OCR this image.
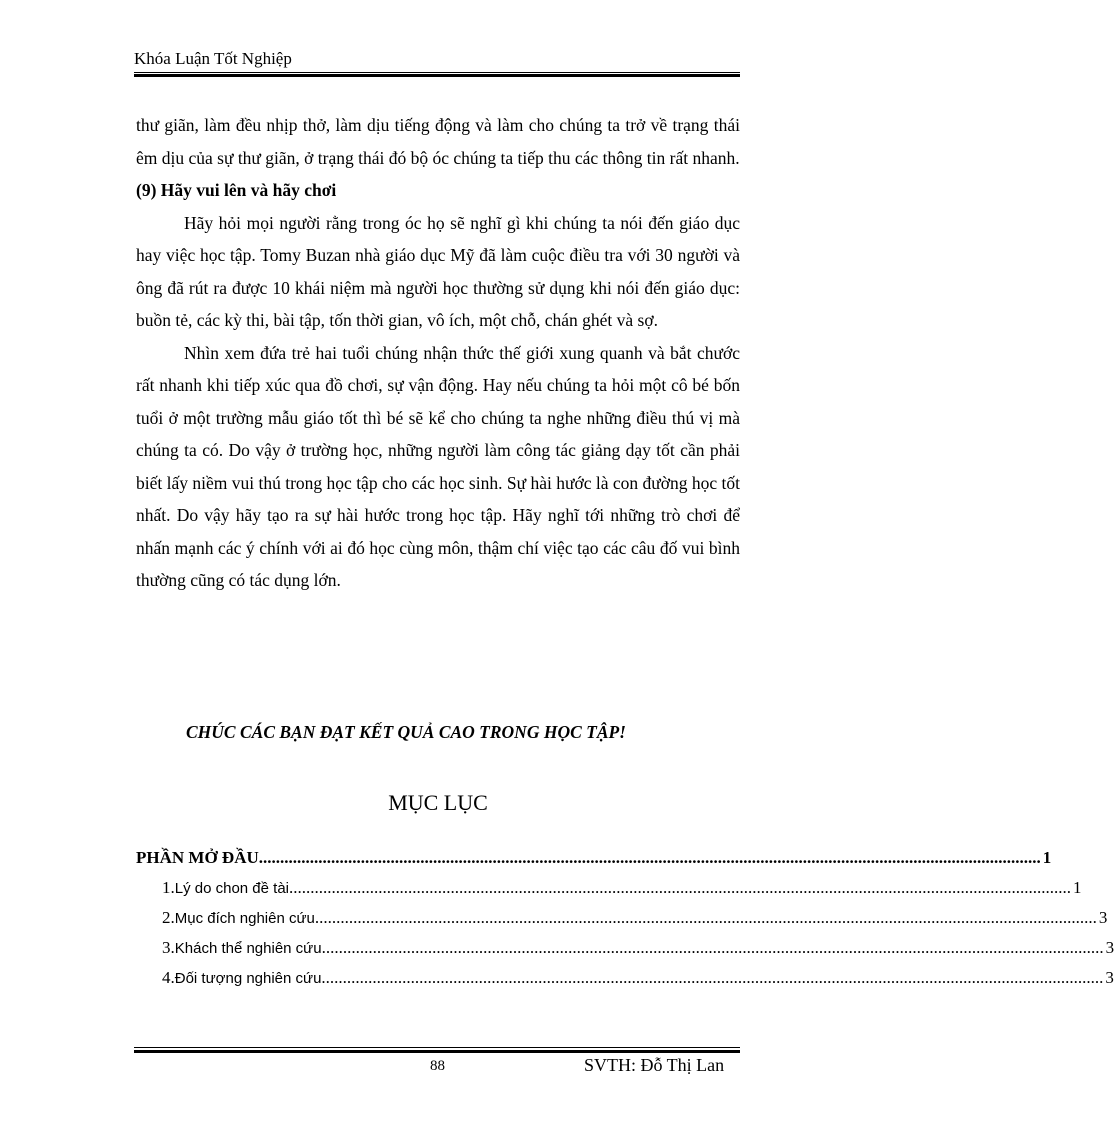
Khóa Luận Tốt Nghiệp

thư giãn, làm đều nhịp thở, làm dịu tiếng động và làm cho chúng ta trở về trạng thái êm dịu của sự thư giãn, ở trạng thái đó bộ óc chúng ta tiếp thu các thông tin rất nhanh.

(9) Hãy vui lên và hãy chơi

Hãy hỏi mọi người rằng trong óc họ sẽ nghĩ gì khi chúng ta nói đến giáo dục hay việc học tập. Tomy Buzan nhà giáo dục Mỹ đã làm cuộc điều tra với 30 người và ông đã rút ra được 10 khái niệm mà người học thường sử dụng khi nói đến giáo dục: buồn tẻ, các kỳ thi, bài tập, tốn thời gian, vô ích, một chỗ, chán ghét và sợ.

Nhìn xem đứa trẻ hai tuổi chúng nhận thức thế giới xung quanh và bắt chước rất nhanh khi tiếp xúc qua đồ chơi, sự vận động. Hay nếu chúng ta hỏi một cô bé bốn tuổi ở một trường mẫu giáo tốt thì bé sẽ kể cho chúng ta nghe những điều thú vị mà chúng ta có. Do vậy ở trường học, những người làm công tác giảng dạy tốt cần phải biết lấy niềm vui thú trong học tập cho các học sinh. Sự hài hước là con đường học tốt nhất. Do vậy hãy tạo ra sự hài hước trong học tập. Hãy nghĩ tới những trò chơi để nhấn mạnh các ý chính với ai đó học cùng môn, thậm chí việc tạo các câu đố vui bình thường cũng có tác dụng lớn.

CHÚC CÁC BẠN ĐẠT KẾT QUẢ CAO TRONG HỌC TẬP!
MỤC LỤC
PHẦN MỞ ĐẦU ........................................................................................................................................................................................ 1
1. Lý do chon đề tài ........................................................................................................................................................................................ 1
2. Mục đích nghiên cứu ........................................................................................................................................................................................ 3
3. Khách thể nghiên cứu ........................................................................................................................................................................................ 3
4. Đối tượng nghiên cứu ........................................................................................................................................................................................ 3
88	SVTH: Đỗ Thị Lan
